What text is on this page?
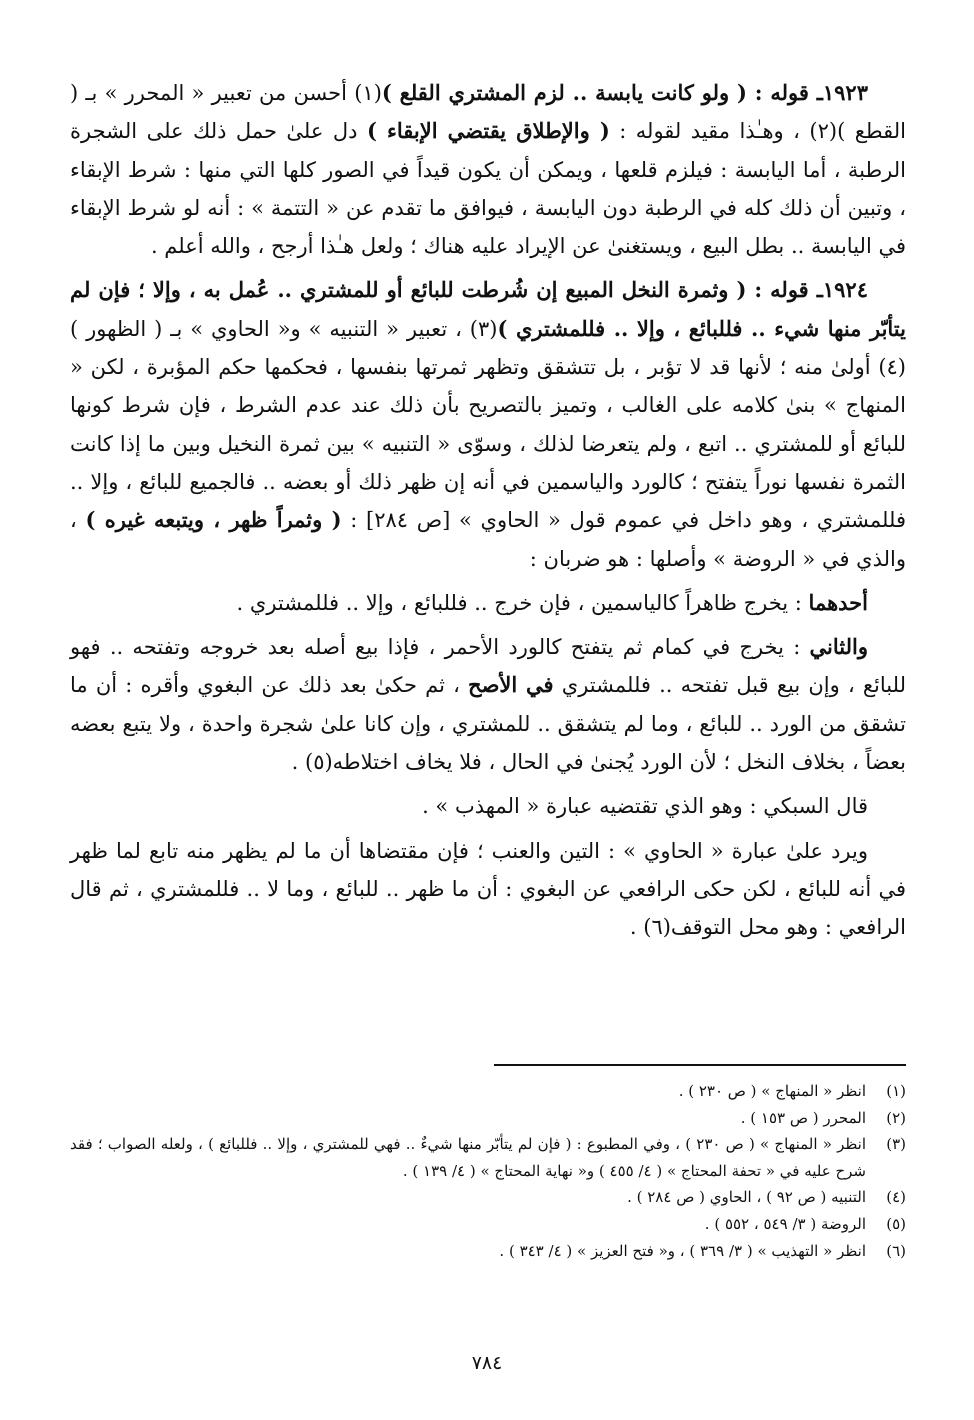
١٩٢٣ـ قوله : ( ولو كانت يابسة .. لزم المشتري القلع )(١) أحسن من تعبير « المحرر » بـ ( القطع )(٢) ، وهـٰذا مقيد لقوله : ( والإطلاق يقتضي الإبقاء ) دل علىٰ حمل ذلك على الشجرة الرطبة ، أما اليابسة : فيلزم قلعها ، ويمكن أن يكون قيداً في الصور كلها التي منها : شرط الإبقاء ، وتبين أن ذلك كله في الرطبة دون اليابسة ، فيوافق ما تقدم عن « التتمة » : أنه لو شرط الإبقاء في اليابسة .. بطل البيع ، ويستغنىٰ عن الإيراد عليه هناك ؛ ولعل هـٰذا أرجح ، والله أعلم .

١٩٢٤ـ قوله : ( وثمرة النخل المبيع إن شُرطت للبائع أو للمشتري .. عُمل به ، وإلا ؛ فإن لم يتأبّر منها شيء .. فللبائع ، وإلا .. فللمشتري )(٣) ، تعبير « التنبيه » و« الحاوي » بـ ( الظهور )(٤) أولىٰ منه ؛ لأنها قد لا تؤبر ، بل تتشقق وتظهر ثمرتها بنفسها ، فحكمها حكم المؤبرة ، لكن « المنهاج » بنىٰ كلامه على الغالب ، وتميز بالتصريح بأن ذلك عند عدم الشرط ، فإن شرط كونها للبائع أو للمشتري .. اتبع ، ولم يتعرضا لذلك ، وسوّى « التنبيه » بين ثمرة النخيل وبين ما إذا كانت الثمرة نفسها نوراً يتفتح ؛ كالورد والياسمين في أنه إن ظهر ذلك أو بعضه .. فالجميع للبائع ، وإلا .. فللمشتري ، وهو داخل في عموم قول « الحاوي » [ص ٢٨٤] : ( وثمراً ظهر ، ويتبعه غيره ) ، والذي في « الروضة » وأصلها : هو ضربان :

أحدهما : يخرج ظاهراً كالياسمين ، فإن خرج .. فللبائع ، وإلا .. فللمشتري .

والثاني : يخرج في كمام ثم يتفتح كالورد الأحمر ، فإذا بيع أصله بعد خروجه وتفتحه .. فهو للبائع ، وإن بيع قبل تفتحه .. فللمشتري في الأصح ، ثم حكىٰ بعد ذلك عن البغوي وأقره : أن ما تشقق من الورد .. للبائع ، وما لم يتشقق .. للمشتري ، وإن كانا علىٰ شجرة واحدة ، ولا يتبع بعضه بعضاً ، بخلاف النخل ؛ لأن الورد يُجنىٰ في الحال ، فلا يخاف اختلاطه(٥) .

قال السبكي : وهو الذي تقتضيه عبارة « المهذب » .

ويرد علىٰ عبارة « الحاوي » : التين والعنب ؛ فإن مقتضاها أن ما لم يظهر منه تابع لما ظهر في أنه للبائع ، لكن حكى الرافعي عن البغوي : أن ما ظهر .. للبائع ، وما لا .. فللمشتري ، ثم قال الرافعي : وهو محل التوقف(٦) .

(١)
انظر « المنهاج » ( ص ٢٣٠ ) .
(٢)
المحرر ( ص ١٥٣ ) .
(٣)
انظر « المنهاج » ( ص ٢٣٠ ) ، وفي المطبوع : ( فإن لم يتأبّر منها شيءٌ .. فهي للمشتري ، وإلا .. فللبائع ) ، ولعله الصواب ؛ فقد شرح عليه في « تحفة المحتاج » ( ٤/ ٤٥٥ ) و« نهاية المحتاج » ( ٤/ ١٣٩ ) .
(٤)
التنبيه ( ص ٩٢ ) ، الحاوي ( ص ٢٨٤ ) .
(٥)
الروضة ( ٣/ ٥٤٩ ، ٥٥٢ ) .
(٦)
انظر « التهذيب » ( ٣/ ٣٦٩ ) ، و« فتح العزيز » ( ٤/ ٣٤٣ ) .
٧٨٤
